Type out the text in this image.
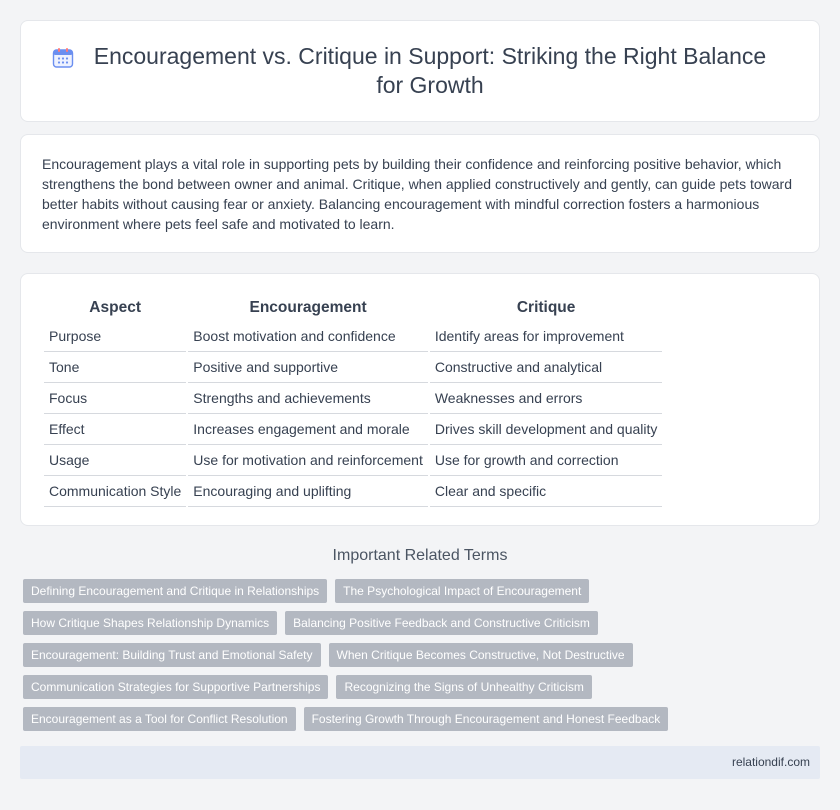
Encouragement vs. Critique in Support: Striking the Right Balance
for Growth

Encouragement plays a vital role in supporting pets by building their confidence and reinforcing positive behavior, which strengthens the bond between owner and animal. Critique, when applied constructively and gently, can guide pets toward better habits without causing fear or anxiety. Balancing encouragement with mindful correction fosters a harmonious environment where pets feel safe and motivated to learn.

Aspect	Encouragement	Critique
Purpose	Boost motivation and confidence	Identify areas for improvement
Tone	Positive and supportive	Constructive and analytical
Focus	Strengths and achievements	Weaknesses and errors
Effect	Increases engagement and morale	Drives skill development and quality
Usage	Use for motivation and reinforcement	Use for growth and correction
Communication Style	Encouraging and uplifting	Clear and specific
Important Related Terms
Defining Encouragement and Critique in Relationships	The Psychological Impact of Encouragement
How Critique Shapes Relationship Dynamics	Balancing Positive Feedback and Constructive Criticism
Encouragement: Building Trust and Emotional Safety	When Critique Becomes Constructive, Not Destructive
Communication Strategies for Supportive Partnerships	Recognizing the Signs of Unhealthy Criticism
Encouragement as a Tool for Conflict Resolution	Fostering Growth Through Encouragement and Honest Feedback
relationdif.com
